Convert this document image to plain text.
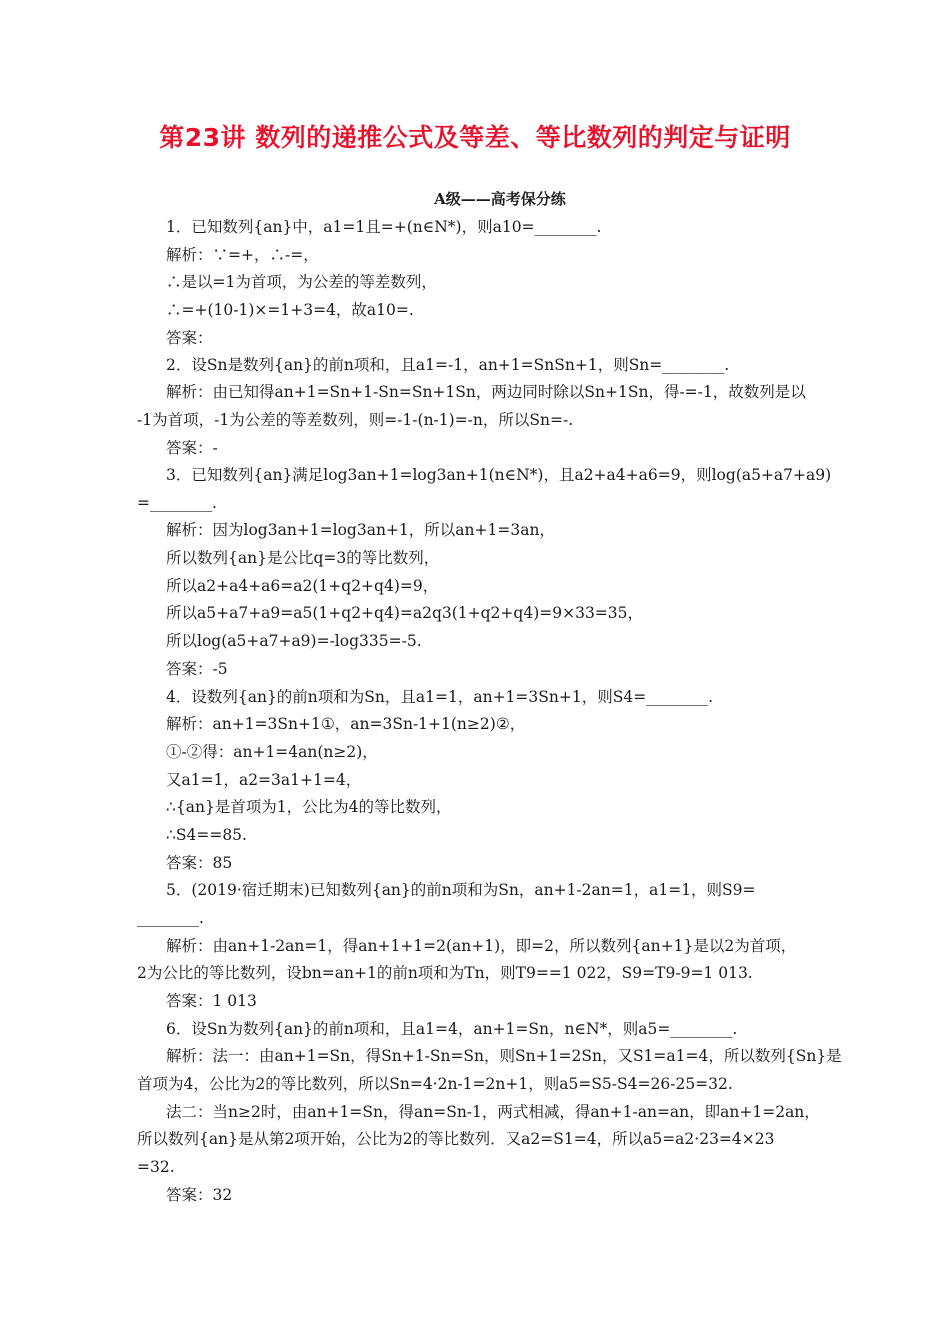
第23讲 数列的递推公式及等差、等比数列的判定与证明
A级——高考保分练
1．已知数列{an}中，a1=1且=+(n∈N*)，则a10=________.
解析：∵=+，∴-=，
∴是以=1为首项，为公差的等差数列，
∴=+(10-1)×=1+3=4，故a10=.
答案：
2．设Sn是数列{an}的前n项和，且a1=-1，an+1=SnSn+1，则Sn=________.
解析：由已知得an+1=Sn+1-Sn=Sn+1Sn，两边同时除以Sn+1Sn，得-=-1，故数列是以
-1为首项，-1为公差的等差数列，则=-1-(n-1)=-n，所以Sn=-.
答案：-
3．已知数列{an}满足log3an+1=log3an+1(n∈N*)，且a2+a4+a6=9，则log(a5+a7+a9)
=________.
解析：因为log3an+1=log3an+1，所以an+1=3an，
所以数列{an}是公比q=3的等比数列，
所以a2+a4+a6=a2(1+q2+q4)=9，
所以a5+a7+a9=a5(1+q2+q4)=a2q3(1+q2+q4)=9×33=35，
所以log(a5+a7+a9)=-log335=-5.
答案：-5
4．设数列{an}的前n项和为Sn，且a1=1，an+1=3Sn+1，则S4=________.
解析：an+1=3Sn+1①，an=3Sn-1+1(n≥2)②，
①-②得：an+1=4an(n≥2)，
又a1=1，a2=3a1+1=4，
∴{an}是首项为1，公比为4的等比数列，
∴S4==85.
答案：85
5．(2019·宿迁期末)已知数列{an}的前n项和为Sn，an+1-2an=1，a1=1，则S9=
________.
解析：由an+1-2an=1，得an+1+1=2(an+1)，即=2，所以数列{an+1}是以2为首项，
2为公比的等比数列，设bn=an+1的前n项和为Tn，则T9==1 022，S9=T9-9=1 013.
答案：1 013
6．设Sn为数列{an}的前n项和，且a1=4，an+1=Sn，n∈N*，则a5=________.
解析：法一：由an+1=Sn，得Sn+1-Sn=Sn，则Sn+1=2Sn，又S1=a1=4，所以数列{Sn}是
首项为4，公比为2的等比数列，所以Sn=4·2n-1=2n+1，则a5=S5-S4=26-25=32.
法二：当n≥2时，由an+1=Sn，得an=Sn-1，两式相减，得an+1-an=an，即an+1=2an，
所以数列{an}是从第2项开始，公比为2的等比数列．又a2=S1=4，所以a5=a2·23=4×23
=32.
答案：32
